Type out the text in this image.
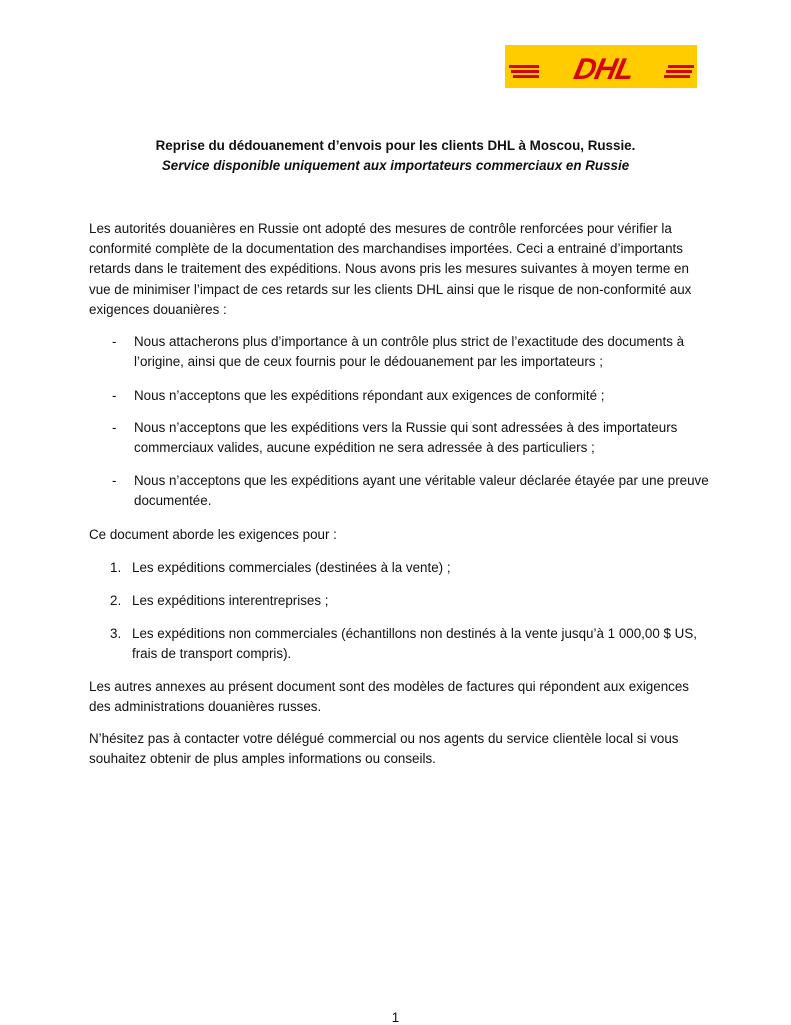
DHL
Reprise du dédouanement d’envois pour les clients DHL à Moscou, Russie.
Service disponible uniquement aux importateurs commerciaux en Russie
Les autorités douanières en Russie ont adopté des mesures de contrôle renforcées pour vérifier la conformité complète de la documentation des marchandises importées. Ceci a entrainé d’importants retards dans le traitement des expéditions. Nous avons pris les mesures suivantes à moyen terme en vue de minimiser l’impact de ces retards sur les clients DHL ainsi que le risque de non-conformité aux exigences douanières :
- Nous attacherons plus d’importance à un contrôle plus strict de l’exactitude des documents à l’origine, ainsi que de ceux fournis pour le dédouanement par les importateurs ;
- Nous n’acceptons que les expéditions répondant aux exigences de conformité ;
- Nous n’acceptons que les expéditions vers la Russie qui sont adressées à des importateurs commerciaux valides, aucune expédition ne sera adressée à des particuliers ;
- Nous n’acceptons que les expéditions ayant une véritable valeur déclarée étayée par une preuve documentée.
Ce document aborde les exigences pour :
1. Les expéditions commerciales (destinées à la vente) ;
2. Les expéditions interentreprises ;
3. Les expéditions non commerciales (échantillons non destinés à la vente jusqu’à 1 000,00 $ US, frais de transport compris).
Les autres annexes au présent document sont des modèles de factures qui répondent aux exigences des administrations douanières russes.
N’hésitez pas à contacter votre délégué commercial ou nos agents du service clientèle local si vous souhaitez obtenir de plus amples informations ou conseils.
1
